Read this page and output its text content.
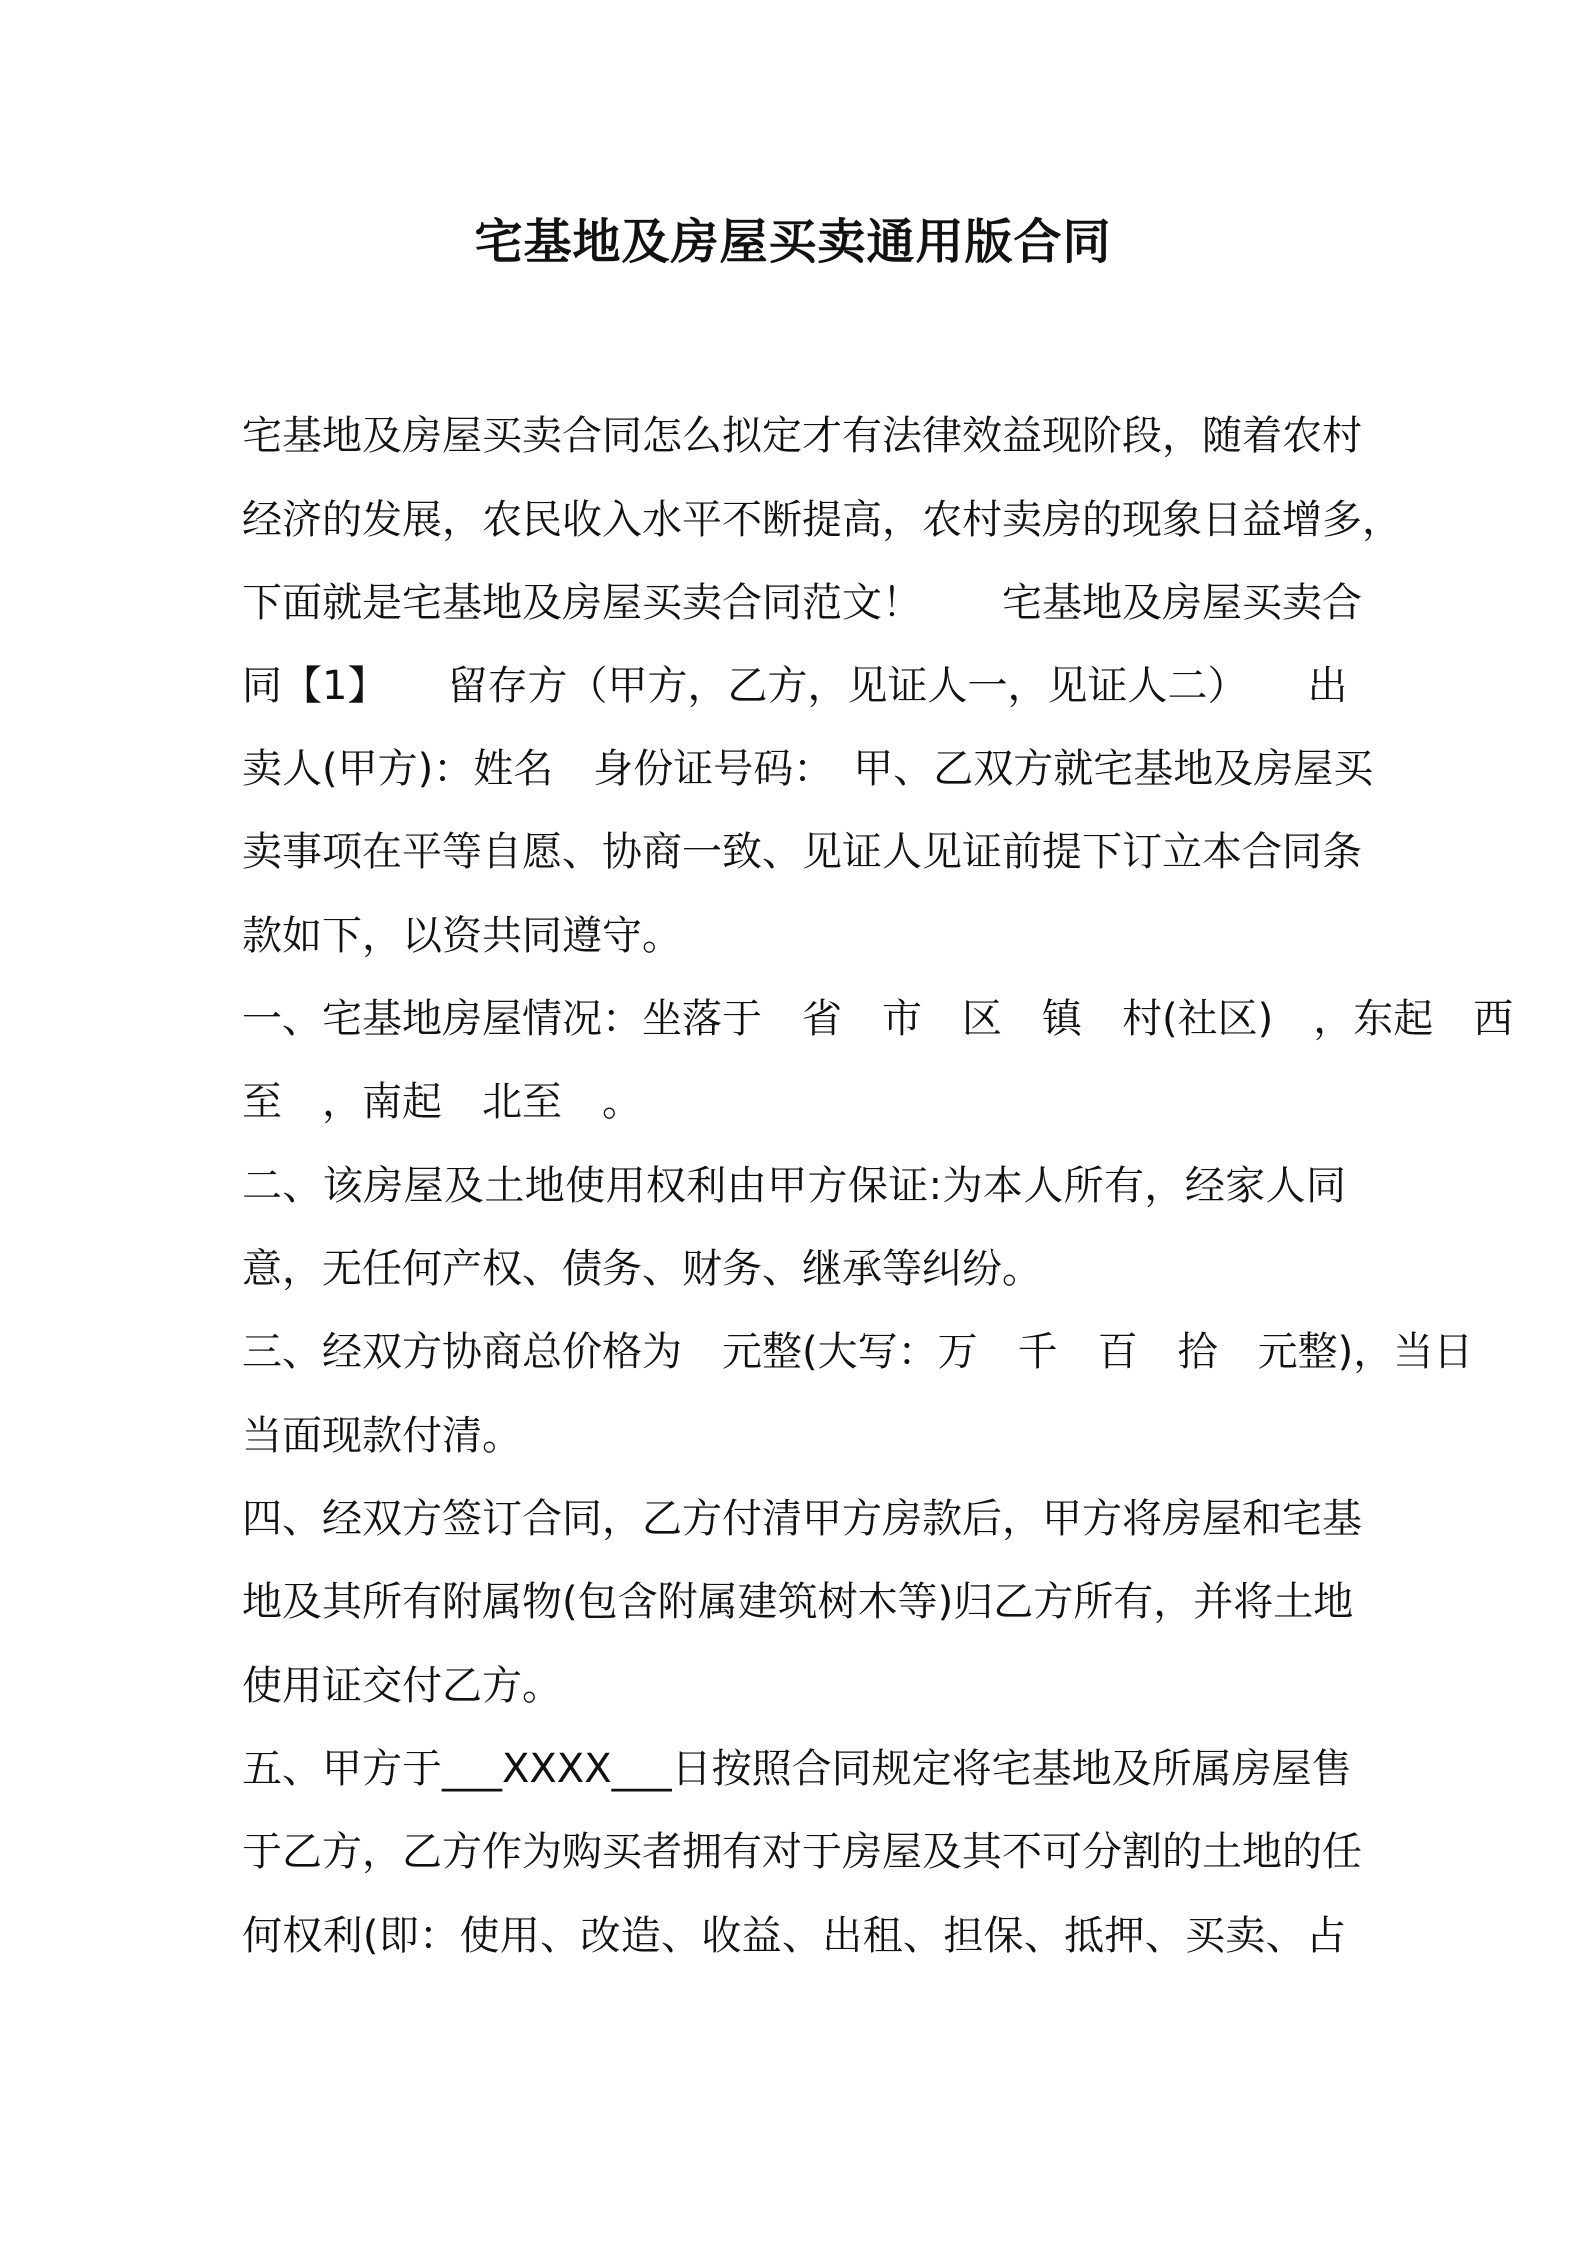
宅基地及房屋买卖通用版合同
宅基地及房屋买卖合同怎么拟定才有法律效益现阶段，随着农村
经济的发展，农民收入水平不断提高，农村卖房的现象日益增多，
下面就是宅基地及房屋买卖合同范文！　　宅基地及房屋买卖合
同【1】　　留存方（甲方，乙方，见证人一，见证人二）　　出
卖人(甲方)：姓名　身份证号码：　甲、乙双方就宅基地及房屋买
卖事项在平等自愿、协商一致、见证人见证前提下订立本合同条
款如下，以资共同遵守。
一、宅基地房屋情况：坐落于　省　市　区　镇　村(社区)　，东起　西
至　，南起　北至　。
二、该房屋及土地使用权利由甲方保证:为本人所有，经家人同
意，无任何产权、债务、财务、继承等纠纷。
三、经双方协商总价格为　元整(大写：万　千　百　拾　元整)，当日
当面现款付清。
四、经双方签订合同，乙方付清甲方房款后，甲方将房屋和宅基
地及其所有附属物(包含附属建筑树木等)归乙方所有，并将土地
使用证交付乙方。
五、甲方于___XXXX___日按照合同规定将宅基地及所属房屋售
于乙方，乙方作为购买者拥有对于房屋及其不可分割的土地的任
何权利(即：使用、改造、收益、出租、担保、抵押、买卖、占
